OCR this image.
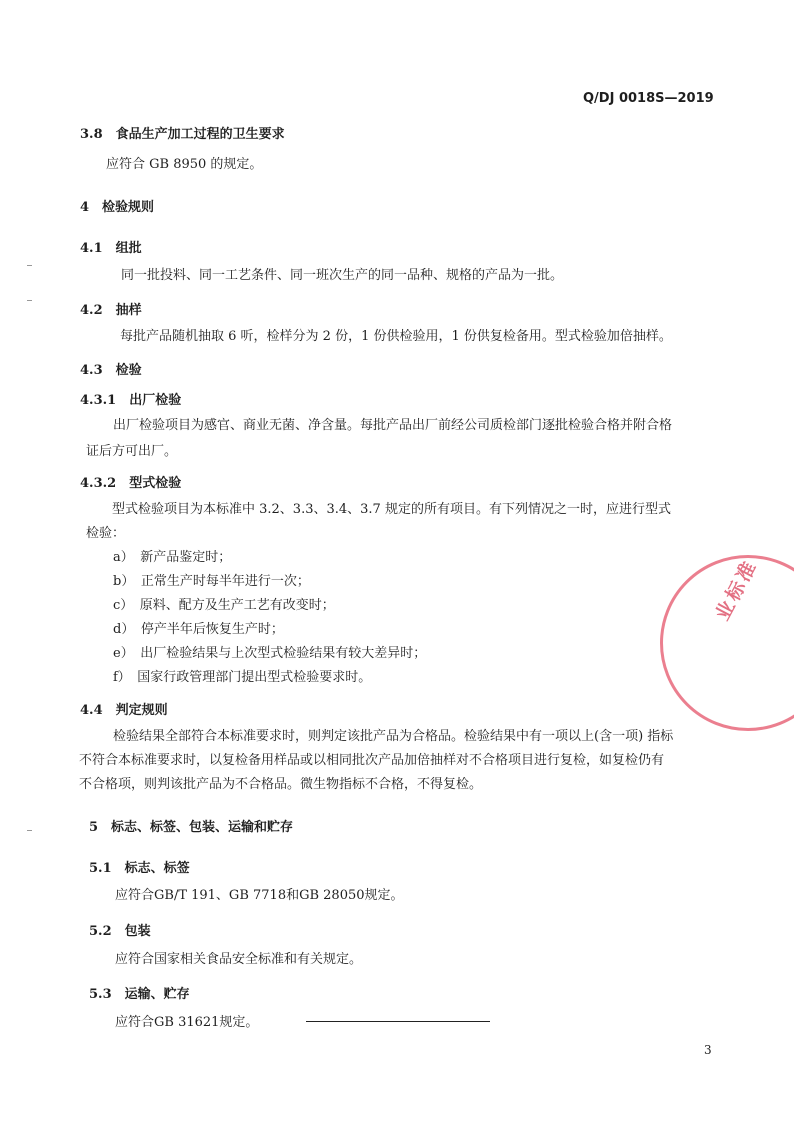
Q/DJ 0018S—2019
3.8　食品生产加工过程的卫生要求
应符合 GB 8950 的规定。
4　检验规则
4.1　组批
同一批投料、同一工艺条件、同一班次生产的同一品种、规格的产品为一批。
4.2　抽样
每批产品随机抽取 6 听，检样分为 2 份，1 份供检验用，1 份供复检备用。型式检验加倍抽样。
4.3　检验
4.3.1　出厂检验
出厂检验项目为感官、商业无菌、净含量。每批产品出厂前经公司质检部门逐批检验合格并附合格
证后方可出厂。
4.3.2　型式检验
型式检验项目为本标准中 3.2、3.3、3.4、3.7 规定的所有项目。有下列情况之一时，应进行型式
检验：
a）　新产品鉴定时；
b）　正常生产时每半年进行一次；
c）　原料、配方及生产工艺有改变时；
d）　停产半年后恢复生产时；
e）　出厂检验结果与上次型式检验结果有较大差异时；
f）　国家行政管理部门提出型式检验要求时。
4.4　判定规则
检验结果全部符合本标准要求时，则判定该批产品为合格品。检验结果中有一项以上(含一项) 指标
不符合本标准要求时，以复检备用样品或以相同批次产品加倍抽样对不合格项目进行复检，如复检仍有
不合格项，则判该批产品为不合格品。微生物指标不合格，不得复检。
5　标志、标签、包装、运输和贮存
5.1　标志、标签
应符合GB/T 191、GB 7718和GB 28050规定。
5.2　包装
应符合国家相关食品安全标准和有关规定。
5.3　运输、贮存
应符合GB 31621规定。
3
业标准
